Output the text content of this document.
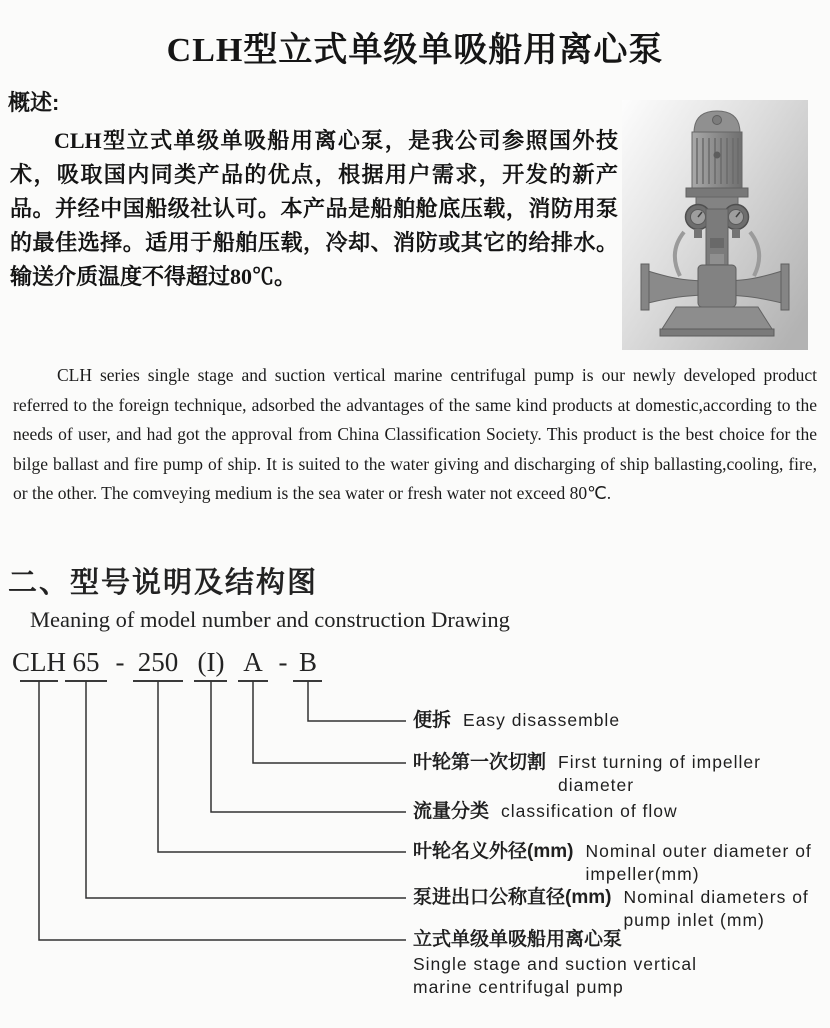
CLH型立式单级单吸船用离心泵
概述:
CLH型立式单级单吸船用离心泵，是我公司参照国外技术，吸取国内同类产品的优点，根据用户需求，开发的新产品。并经中国船级社认可。本产品是船舶舱底压载，消防用泵的最佳选择。适用于船舶压载，冷却、消防或其它的给排水。输送介质温度不得超过80℃。
CLH series single stage and suction vertical marine centrifugal pump is our newly developed product referred to the foreign technique, adsorbed the advantages of the same kind products at domestic,according to the needs of user, and had got the approval from China Classification Society. This product is the best choice for the bilge ballast and fire pump of ship. It is suited to the water giving and discharging of ship ballasting,cooling, fire, or the other. The comveying medium is the sea water or fresh water not exceed 80℃.
二、型号说明及结构图
Meaning of model number and construction Drawing
CLH 65 - 250 (I) A - B
便拆 Easy disassemble
叶轮第一次切割 First turning of impeller diameter
流量分类 classification of flow
叶轮名义外径(mm) Nominal outer diameter of impeller(mm)
泵进出口公称直径(mm) Nominal diameters of pump inlet (mm)
立式单级单吸船用离心泵
Single stage and suction vertical marine centrifugal pump
